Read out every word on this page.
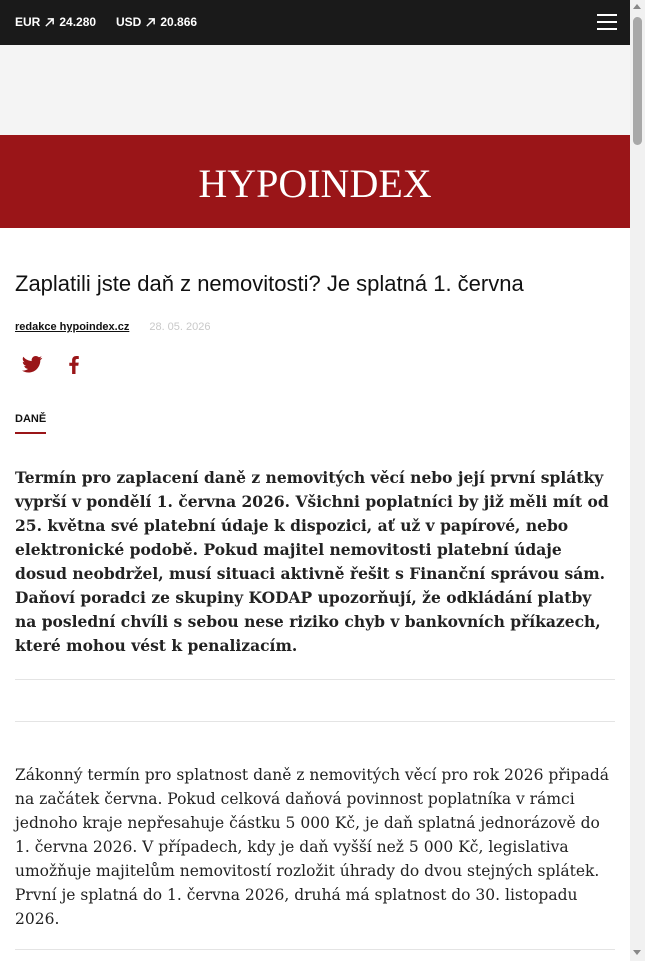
EUR 24.280 USD 20.866
HYPOINDEX
Zaplatili jste daň z nemovitosti? Je splatná 1. června
redakce hypoindex.cz 28. 05. 2026
DANĚ

Termín pro zaplacení daně z nemovitých věcí nebo její první splátky vyprší v pondělí 1. června 2026. Všichni poplatníci by již měli mít od 25. května své platební údaje k dispozici, ať už v papírové, nebo elektronické podobě. Pokud majitel nemovitosti platební údaje dosud neobdržel, musí situaci aktivně řešit s Finanční správou sám. Daňoví poradci ze skupiny KODAP upozorňují, že odkládání platby na poslední chvíli s sebou nese riziko chyb v bankovních příkazech, které mohou vést k penalizacím.

Zákonný termín pro splatnost daně z nemovitých věcí pro rok 2026 připadá na začátek června. Pokud celková daňová povinnost poplatníka v rámci jednoho kraje nepřesahuje částku 5 000 Kč, je daň splatná jednorázově do 1. června 2026. V případech, kdy je daň vyšší než 5 000 Kč, legislativa umožňuje majitelům nemovitostí rozložit úhrady do dvou stejných splátek. První je splatná do 1. června 2026, druhá má splatnost do 30. listopadu 2026.
